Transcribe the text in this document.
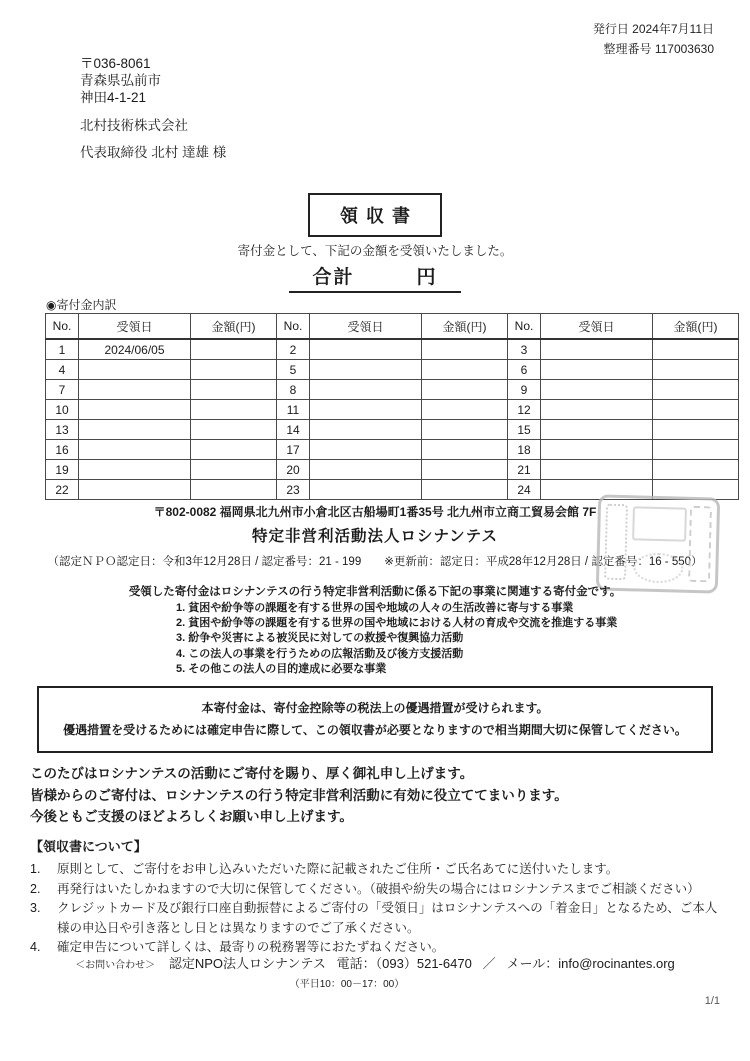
発行日 2024年7月11日
整理番号 117003630
〒036-8061
青森県弘前市
神田4-1-21
北村技術株式会社
代表取締役 北村 達雄 様
領収書
寄付金として、下記の金額を受領いたしました。
合計	円
◉寄付金内訳
No.	受領日	金額(円)	No.	受領日	金額(円)	No.	受領日	金額(円)
1	2024/06/05		2			3		
4			5			6		
7			8			9		
10			11			12		
13			14			15		
16			17			18		
19			20			21		
22			23			24		
〒802-0082 福岡県北九州市小倉北区古船場町1番35号 北九州市立商工貿易会館 7F
特定非営利活動法人ロシナンテス
（認定ＮＰＯ認定日：令和3年12月28日 / 認定番号：21 - 199　　※更新前：認定日：平成28年12月28日 / 認定番号：16 - 550）
受領した寄付金はロシナンテスの行う特定非営利活動に係る下記の事業に関連する寄付金です。
1. 貧困や紛争等の課題を有する世界の国や地域の人々の生活改善に寄与する事業
2. 貧困や紛争等の課題を有する世界の国や地域における人材の育成や交流を推進する事業
3. 紛争や災害による被災民に対しての救援や復興協力活動
4. この法人の事業を行うための広報活動及び後方支援活動
5. その他この法人の目的達成に必要な事業
本寄付金は、寄付金控除等の税法上の優遇措置が受けられます。
優遇措置を受けるためには確定申告に際して、この領収書が必要となりますので相当期間大切に保管してください。
このたびはロシナンテスの活動にご寄付を賜り、厚く御礼申し上げます。
皆様からのご寄付は、ロシナンテスの行う特定非営利活動に有効に役立ててまいります。
今後ともご支援のほどよろしくお願い申し上げます。
【領収書について】
1.	原則として、ご寄付をお申し込みいただいた際に記載されたご住所・ご氏名あてに送付いたします。
2.	再発行はいたしかねますので大切に保管してください。（破損や紛失の場合にはロシナンテスまでご相談ください）
3.	クレジットカード及び銀行口座自動振替によるご寄付の「受領日」はロシナンテスへの「着金日」となるため、ご本人様の申込日や引き落とし日とは異なりますのでご了承ください。
4.	確定申告について詳しくは、最寄りの税務署等におたずねください。
＜お問い合わせ＞ 認定NPO法人ロシナンテス 電話：（093）521-6470 ／ メール：info@rocinantes.org
（平日10：00－17：00）
1/1
